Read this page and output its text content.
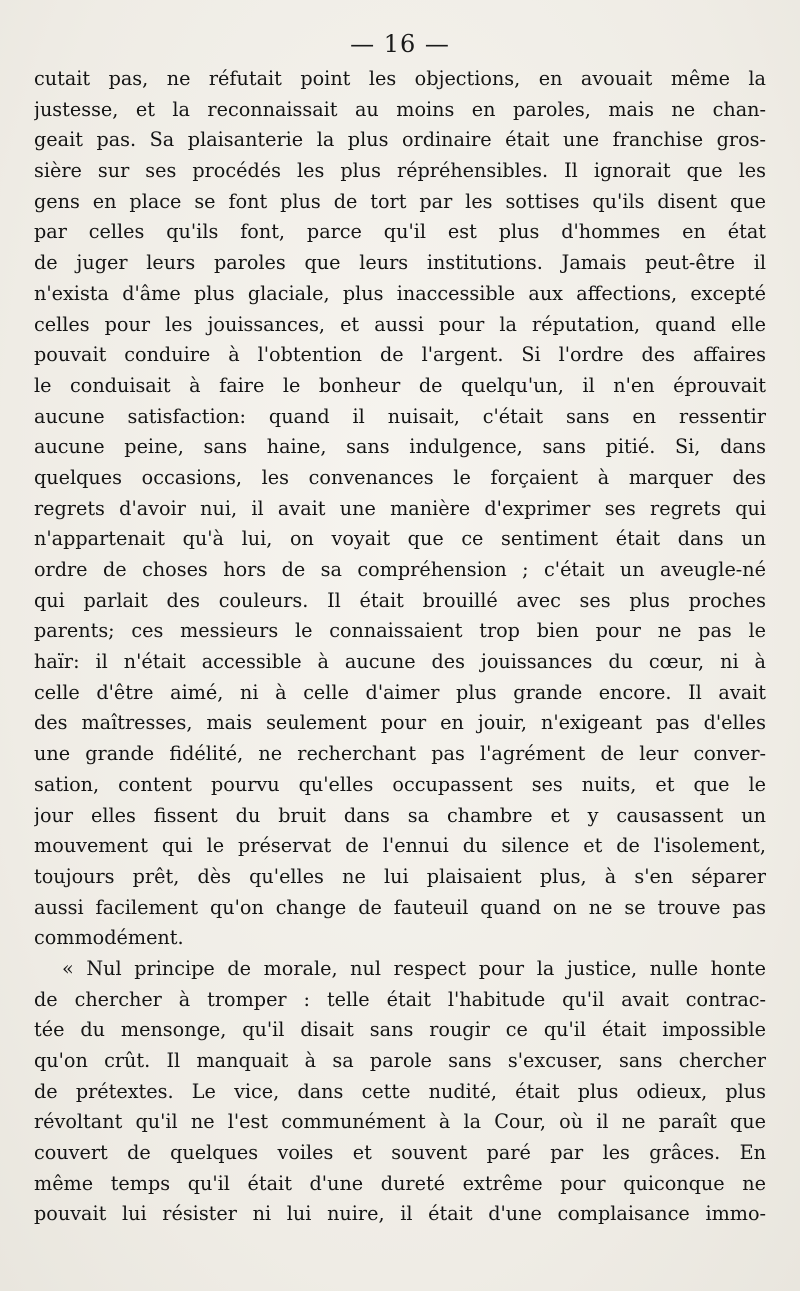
— 16 —
cutait pas, ne réfutait point les objections, en avouait même la
justesse, et la reconnaissait au moins en paroles, mais ne chan-
geait pas. Sa plaisanterie la plus ordinaire était une franchise gros-
sière sur ses procédés les plus répréhensibles. Il ignorait que les
gens en place se font plus de tort par les sottises qu'ils disent que
par celles qu'ils font, parce qu'il est plus d'hommes en état
de juger leurs paroles que leurs institutions. Jamais peut-être il
n'exista d'âme plus glaciale, plus inaccessible aux affections, excepté
celles pour les jouissances, et aussi pour la réputation, quand elle
pouvait conduire à l'obtention de l'argent. Si l'ordre des affaires
le conduisait à faire le bonheur de quelqu'un, il n'en éprouvait
aucune satisfaction: quand il nuisait, c'était sans en ressentir
aucune peine, sans haine, sans indulgence, sans pitié. Si, dans
quelques occasions, les convenances le forçaient à marquer des
regrets d'avoir nui, il avait une manière d'exprimer ses regrets qui
n'appartenait qu'à lui, on voyait que ce sentiment était dans un
ordre de choses hors de sa compréhension ; c'était un aveugle-né
qui parlait des couleurs. Il était brouillé avec ses plus proches
parents; ces messieurs le connaissaient trop bien pour ne pas le
haïr: il n'était accessible à aucune des jouissances du cœur, ni à
celle d'être aimé, ni à celle d'aimer plus grande encore. Il avait
des maîtresses, mais seulement pour en jouir, n'exigeant pas d'elles
une grande fidélité, ne recherchant pas l'agrément de leur conver-
sation, content pourvu qu'elles occupassent ses nuits, et que le
jour elles fissent du bruit dans sa chambre et y causassent un
mouvement qui le préservat de l'ennui du silence et de l'isolement,
toujours prêt, dès qu'elles ne lui plaisaient plus, à s'en séparer
aussi facilement qu'on change de fauteuil quand on ne se trouve pas
commodément.
« Nul principe de morale, nul respect pour la justice, nulle honte
de chercher à tromper : telle était l'habitude qu'il avait contrac-
tée du mensonge, qu'il disait sans rougir ce qu'il était impossible
qu'on crût. Il manquait à sa parole sans s'excuser, sans chercher
de prétextes. Le vice, dans cette nudité, était plus odieux, plus
révoltant qu'il ne l'est communément à la Cour, où il ne paraît que
couvert de quelques voiles et souvent paré par les grâces. En
même temps qu'il était d'une dureté extrême pour quiconque ne
pouvait lui résister ni lui nuire, il était d'une complaisance immo-
